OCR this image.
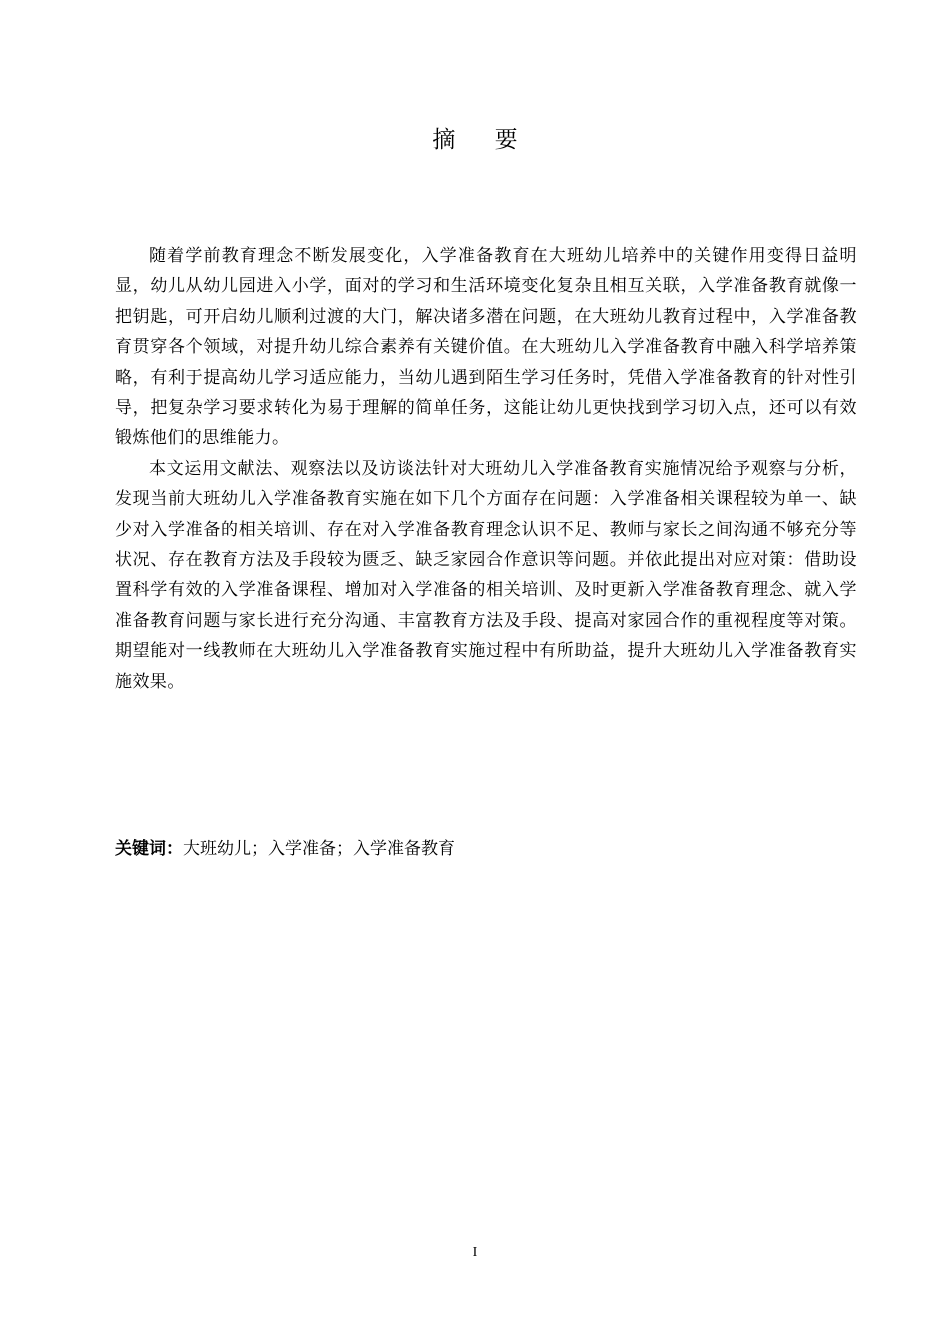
摘 要

随着学前教育理念不断发展变化，入学准备教育在大班幼儿培养中的关键作用变得日益明显，幼儿从幼儿园进入小学，面对的学习和生活环境变化复杂且相互关联，入学准备教育就像一把钥匙，可开启幼儿顺利过渡的大门，解决诸多潜在问题，在大班幼儿教育过程中，入学准备教育贯穿各个领域，对提升幼儿综合素养有关键价值。在大班幼儿入学准备教育中融入科学培养策略，有利于提高幼儿学习适应能力，当幼儿遇到陌生学习任务时，凭借入学准备教育的针对性引导，把复杂学习要求转化为易于理解的简单任务，这能让幼儿更快找到学习切入点，还可以有效锻炼他们的思维能力。

本文运用文献法、观察法以及访谈法针对大班幼儿入学准备教育实施情况给予观察与分析，发现当前大班幼儿入学准备教育实施在如下几个方面存在问题：入学准备相关课程较为单一、缺少对入学准备的相关培训、存在对入学准备教育理念认识不足、教师与家长之间沟通不够充分等状况、存在教育方法及手段较为匮乏、缺乏家园合作意识等问题。并依此提出对应对策：借助设置科学有效的入学准备课程、增加对入学准备的相关培训、及时更新入学准备教育理念、就入学准备教育问题与家长进行充分沟通、丰富教育方法及手段、提高对家园合作的重视程度等对策。期望能对一线教师在大班幼儿入学准备教育实施过程中有所助益，提升大班幼儿入学准备教育实施效果。

关键词：大班幼儿；入学准备；入学准备教育
I
